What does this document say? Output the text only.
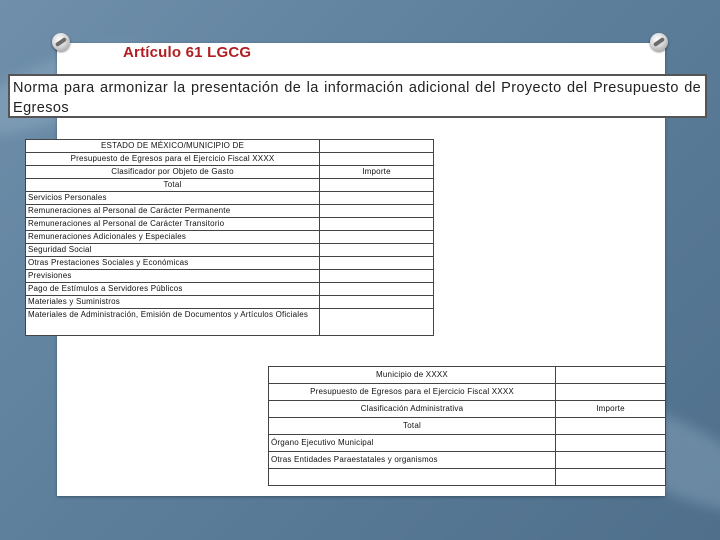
Artículo 61 LGCG
Norma para armonizar la presentación de la información adicional del Proyecto del Presupuesto de Egresos
ESTADO DE MÉXICO/MUNICIPIO DE	
Presupuesto de Egresos para el Ejercicio Fiscal XXXX	
Clasificador por Objeto de Gasto	Importe
Total	
Servicios Personales	
Remuneraciones al Personal de Carácter Permanente	
Remuneraciones al Personal de Carácter Transitorio	
Remuneraciones Adicionales y Especiales	
Seguridad Social	
Otras Prestaciones Sociales y Económicas	
Previsiones	
Pago de Estímulos a Servidores Públicos	
Materiales y Suministros	
Materiales de Administración, Emisión de Documentos y Artículos Oficiales	
Municipio de XXXX	
Presupuesto de Egresos para el Ejercicio Fiscal XXXX	
Clasificación Administrativa	Importe
Total	
Órgano Ejecutivo Municipal	
Otras Entidades Paraestatales y organismos	
